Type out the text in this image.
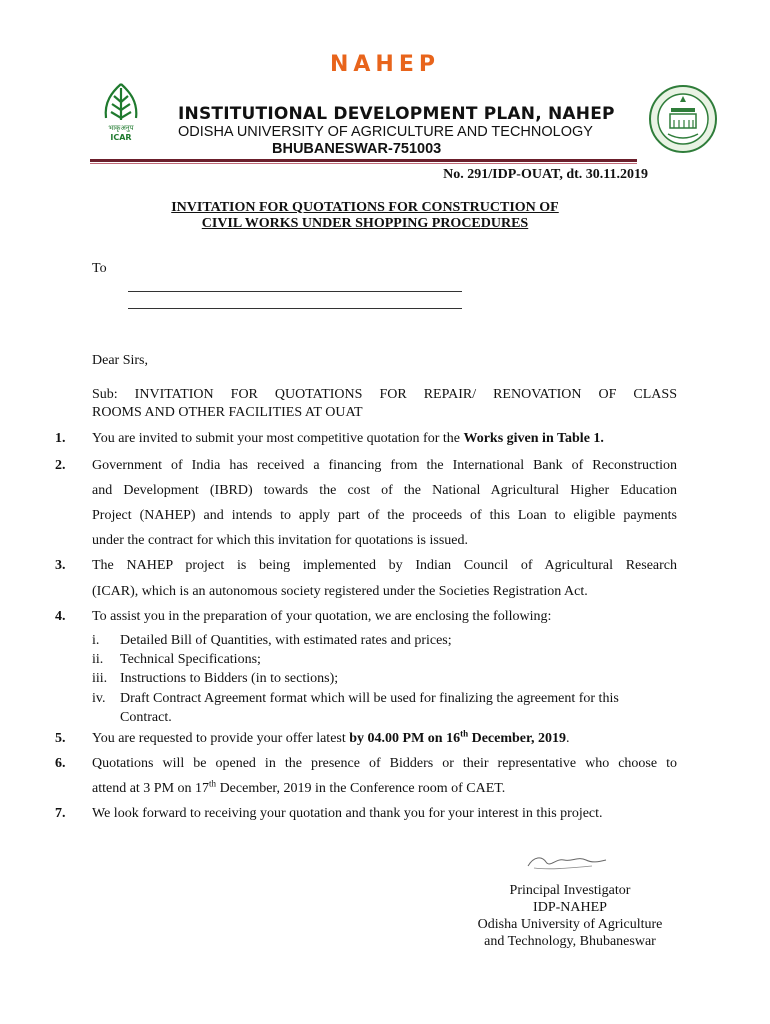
NAHEP
भाकृअनुप
ICAR
INSTITUTIONAL DEVELOPMENT PLAN, NAHEP
ODISHA UNIVERSITY OF AGRICULTURE AND TECHNOLOGY
BHUBANESWAR-751003
No. 291/IDP-OUAT, dt. 30.11.2019
INVITATION FOR QUOTATIONS FOR CONSTRUCTION OF
CIVIL WORKS UNDER SHOPPING PROCEDURES
To
Dear Sirs,
Sub: INVITATION FOR QUOTATIONS FOR REPAIR/ RENOVATION OF CLASS
ROOMS AND OTHER FACILITIES AT OUAT
1. You are invited to submit your most competitive quotation for the Works given in Table 1.
2. Government of India has received a financing from the International Bank of Reconstruction
and Development (IBRD) towards the cost of the National Agricultural Higher Education
Project (NAHEP) and intends to apply part of the proceeds of this Loan to eligible payments
under the contract for which this invitation for quotations is issued.
3. The NAHEP project is being implemented by Indian Council of Agricultural Research
(ICAR), which is an autonomous society registered under the Societies Registration Act.
4. To assist you in the preparation of your quotation, we are enclosing the following:
i. Detailed Bill of Quantities, with estimated rates and prices;
ii. Technical Specifications;
iii. Instructions to Bidders (in to sections);
iv. Draft Contract Agreement format which will be used for finalizing the agreement for this
Contract.
5. You are requested to provide your offer latest by 04.00 PM on 16th December, 2019.
6. Quotations will be opened in the presence of Bidders or their representative who choose to
attend at 3 PM on 17th December, 2019 in the Conference room of CAET.
7. We look forward to receiving your quotation and thank you for your interest in this project.
Principal Investigator
IDP-NAHEP
Odisha University of Agriculture
and Technology, Bhubaneswar
